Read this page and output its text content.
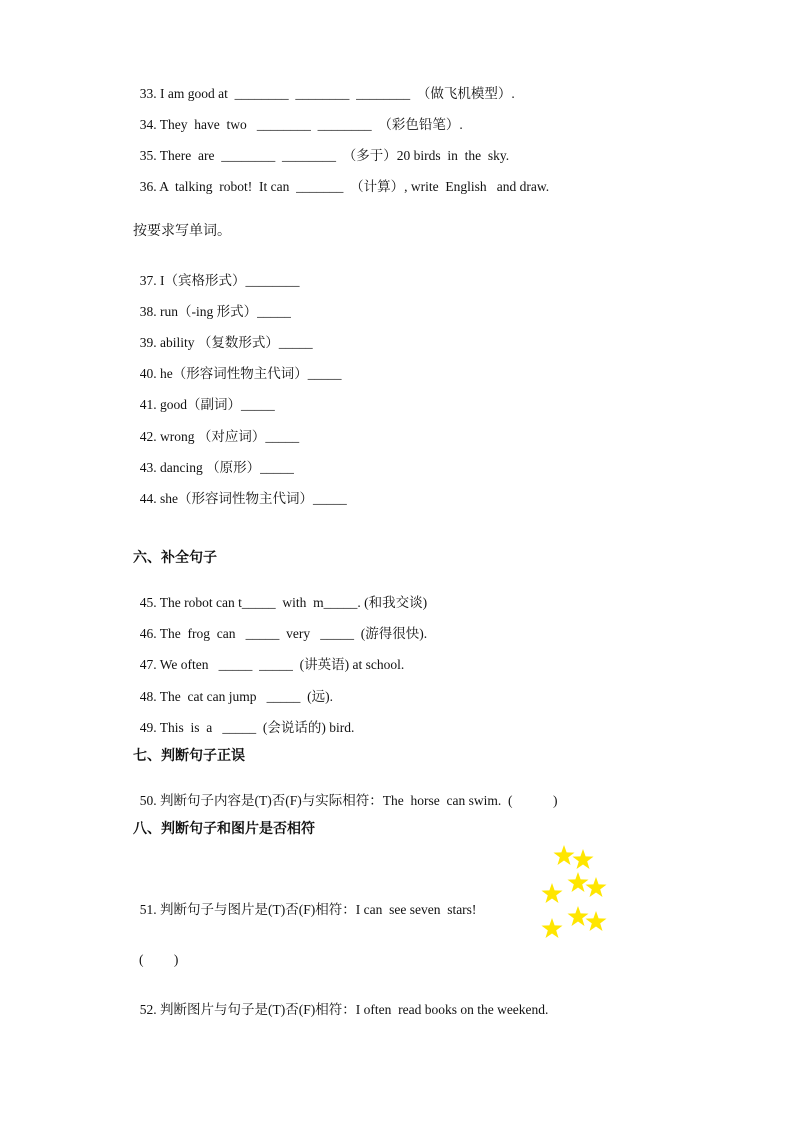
33. I am good at  ________  ________  ________  （做飞机模型）.

34. They  have  two   ________  ________  （彩色铅笔）.

35. There  are  ________  ________  （多于）20 birds  in  the  sky.

36. A  talking  robot!  It can  _______  （计算）, write  English   and draw.

按要求写单词。

37. I（宾格形式）________

38. run（-ing 形式）_____

39. ability （复数形式）_____

40. he（形容词性物主代词）_____

41. good（副词）_____

42. wrong （对应词）_____

43. dancing （原形）_____

44. she（形容词性物主代词）_____

六、补全句子

45. The robot can t_____  with  m_____. (和我交谈)

46. The  frog  can   _____  very   _____  (游得很快).

47. We often   _____  _____  (讲英语) at school.

48. The  cat can jump   _____  (远).

49. This  is  a   _____  (会说话的) bird.

七、判断句子正误

50. 判断句子内容是(T)否(F)与实际相符：The  horse  can swim.  (            )

八、判断句子和图片是否相符

51. 判断句子与图片是(T)否(F)相符：I can  see seven  stars!

(         )

52. 判断图片与句子是(T)否(F)相符：I often  read books on the weekend.
